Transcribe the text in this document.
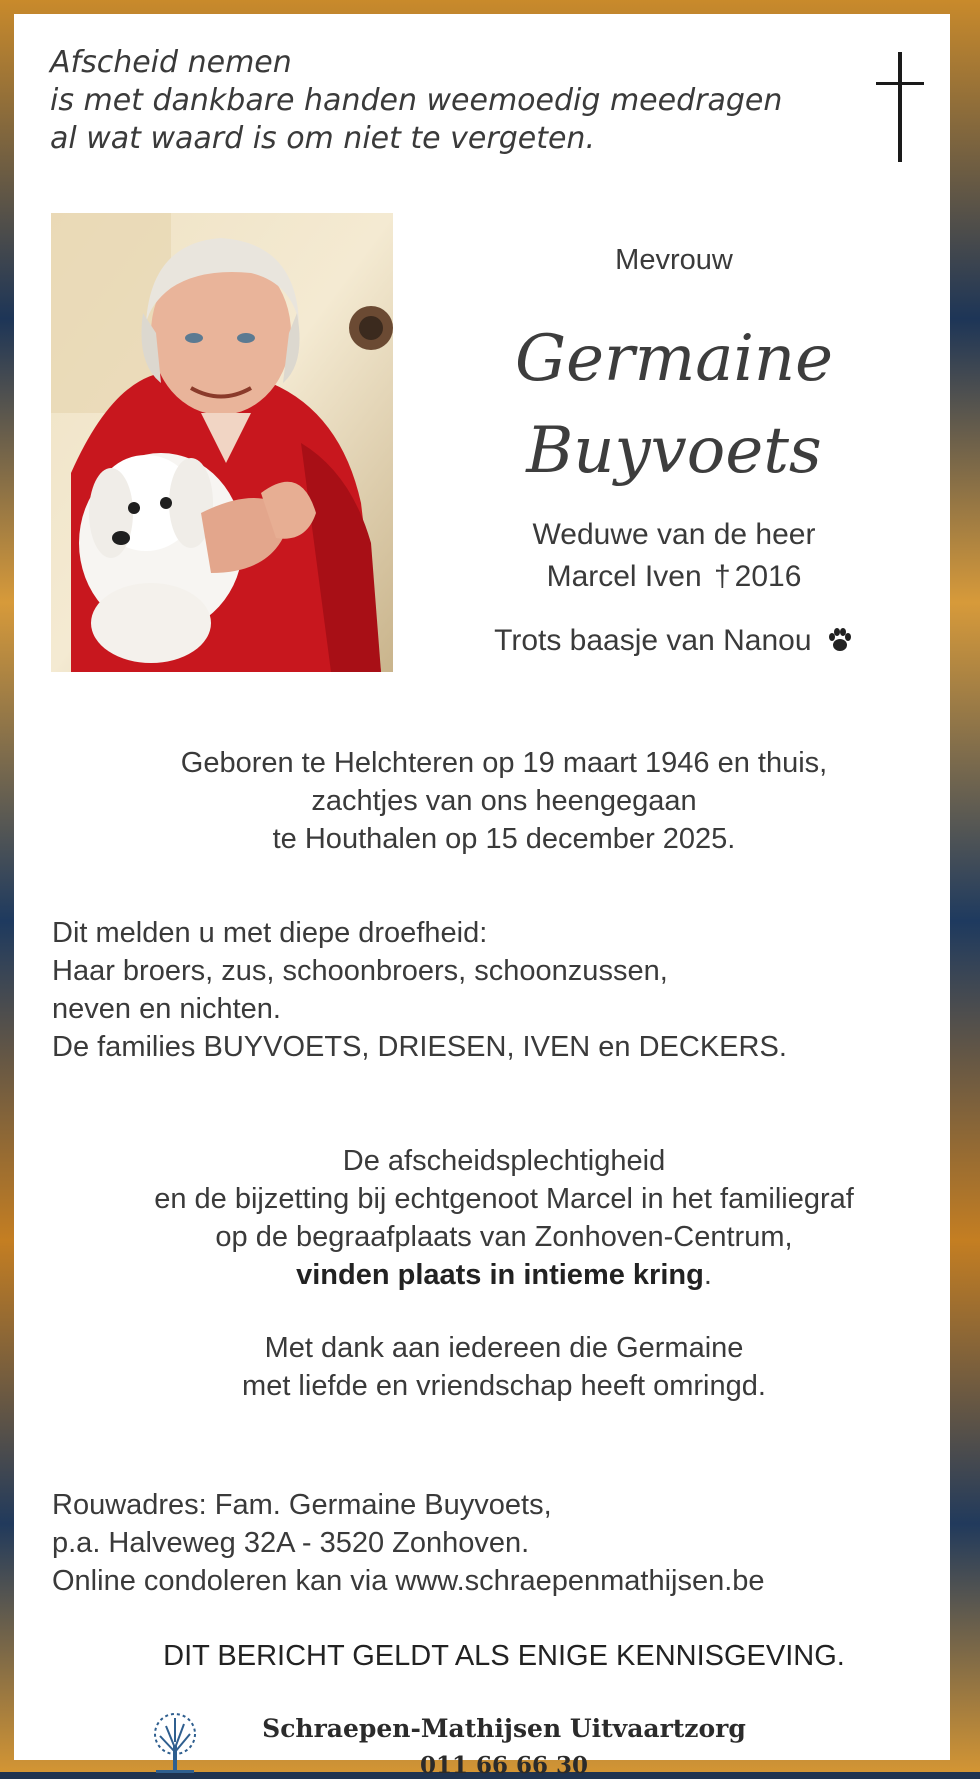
Afscheid nemen
is met dankbare handen weemoedig meedragen
al wat waard is om niet te vergeten.
Mevrouw
Germaine
Buyvoets
Weduwe van de heer
Marcel Iven † 2016
Trots baasje van Nanou
Geboren te Helchteren op 19 maart 1946 en thuis,
zachtjes van ons heengegaan
te Houthalen op 15 december 2025.
Dit melden u met diepe droefheid:
Haar broers, zus, schoonbroers, schoonzussen,
neven en nichten.
De families BUYVOETS, DRIESEN, IVEN en DECKERS.
De afscheidsplechtigheid
en de bijzetting bij echtgenoot Marcel in het familiegraf
op de begraafplaats van Zonhoven-Centrum,
vinden plaats in intieme kring.
Met dank aan iedereen die Germaine
met liefde en vriendschap heeft omringd.
Rouwadres: Fam. Germaine Buyvoets,
p.a. Halveweg 32A - 3520 Zonhoven.
Online condoleren kan via www.schraepenmathijsen.be
DIT BERICHT GELDT ALS ENIGE KENNISGEVING.
Schraepen-Mathijsen Uitvaartzorg
011 66 66 30
